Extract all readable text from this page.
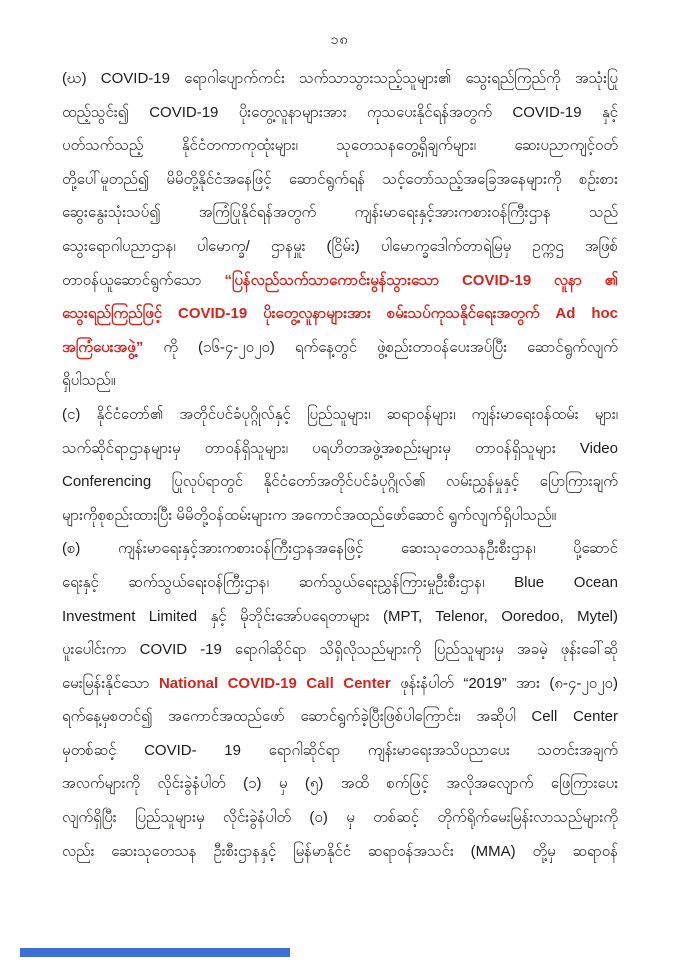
၁၈
(ဃ) COVID-19 ရောဂါပျောက်ကင်း သက်သာသွားသည့်သူများ၏ သွေးရည်ကြည်ကို အသုံးပြု
ထည့်သွင်း၍ COVID-19 ပိုးတွေ့လူနာများအား ကုသပေးနိုင်ရန်အတွက် COVID-19 နှင့်
ပတ်သက်သည့် နိုင်ငံတကာကုထုံးများ၊ သုတေသနတွေ့ရှိချက်များ၊ ဆေးပညာကျင့်ဝတ်
တို့ပေါ်မူတည်၍ မိမိတို့နိုင်ငံအနေဖြင့် ဆောင်ရွက်ရန် သင့်တော်သည့်အခြေအနေများကို စဉ်းစား
ဆွေးနွေးသုံးသပ်၍ အကြံပြုနိုင်ရန်အတွက် ကျန်းမာရေးနှင့်အားကစားဝန်ကြီးဌာန သည်
သွေးရောဂါပညာဌာန၊ ပါမောက္ခ/ ဌာနမှူး (ငြိမ်း) ပါမောက္ခဒေါက်တာရဲမြမှ ဥက္ကဌ အဖြစ်
တာဝန်ယူဆောင်ရွက်သော “ပြန်လည်သက်သာကောင်းမွန်သွားသော COVID-19 လူနာ ၏
သွေးရည်ကြည်ဖြင့် COVID-19 ပိုးတွေ့လူနာများအား စမ်းသပ်ကုသနိုင်ရေးအတွက် Ad hoc
အကြံပေးအဖွဲ့” ကို (၁၆-၄-၂၀၂၀) ရက်နေ့တွင် ဖွဲ့စည်းတာဝန်ပေးအပ်ပြီး ဆောင်ရွက်လျက်
ရှိပါသည်။
(င) နိုင်ငံတော်၏ အတိုင်ပင်ခံပုဂ္ဂိုလ်နှင့် ပြည်သူများ၊ ဆရာဝန်များ၊ ကျန်းမာရေးဝန်ထမ်း များ၊
သက်ဆိုင်ရာဌာနများမှ တာဝန်ရှိသူများ၊ ပရဟိတအဖွဲ့အစည်းများမှ တာဝန်ရှိသူများ Video
Conferencing ပြုလုပ်ရာတွင် နိုင်ငံတော်အတိုင်ပင်ခံပုဂ္ဂိုလ်၏ လမ်းညွှန်မှုနှင့် ပြောကြားချက်
များကိုစုစည်းထားပြီး မိမိတို့ဝန်ထမ်းများက အကောင်အထည်ဖော်ဆောင် ရွက်လျက်ရှိပါသည်။
(စ) ကျန်းမာရေးနှင့်အားကစားဝန်ကြီးဌာနအနေဖြင့် ဆေးသုတေသနဦးစီးဌာန၊ ပို့ဆောင်
ရေးနှင့် ဆက်သွယ်ရေးဝန်ကြီးဌာန၊ ဆက်သွယ်ရေးညွှန်ကြားမှုဦးစီးဌာန၊ Blue Ocean
Investment Limited နှင့် မိုဘိုင်းအော်ပရေတာများ (MPT, Telenor, Ooredoo, Mytel)
ပူးပေါင်းကာ COVID -19 ရောဂါဆိုင်ရာ သိရှိလိုသည်များကို ပြည်သူများမှ အခမဲ့ ဖုန်းခေါ်ဆို
မေးမြန်းနိုင်သော National COVID-19 Call Center ဖုန်းနံပါတ် “2019” အား (၈-၄-၂၀၂၀)
ရက်နေ့မှစတင်၍ အကောင်အထည်ဖော် ဆောင်ရွက်ခဲ့ပြီးဖြစ်ပါကြောင်း၊ အဆိုပါ Cell Center
မှတစ်ဆင့် COVID- 19 ရောဂါဆိုင်ရာ ကျန်းမာရေးအသိပညာပေး သတင်းအချက်
အလက်များကို လိုင်းခွဲနံပါတ် (၁) မှ (၅) အထိ စက်ဖြင့် အလိုအလျောက် ဖြေကြားပေး
လျက်ရှိပြီး ပြည်သူများမှ လိုင်းခွဲနံပါတ် (၀) မှ တစ်ဆင့် တိုက်ရိုက်မေးမြန်းလာသည်များကို
လည်း ဆေးသုတေသန ဦးစီးဌာနနှင့် မြန်မာနိုင်ငံ ဆရာဝန်အသင်း (MMA) တို့မှ ဆရာဝန်
